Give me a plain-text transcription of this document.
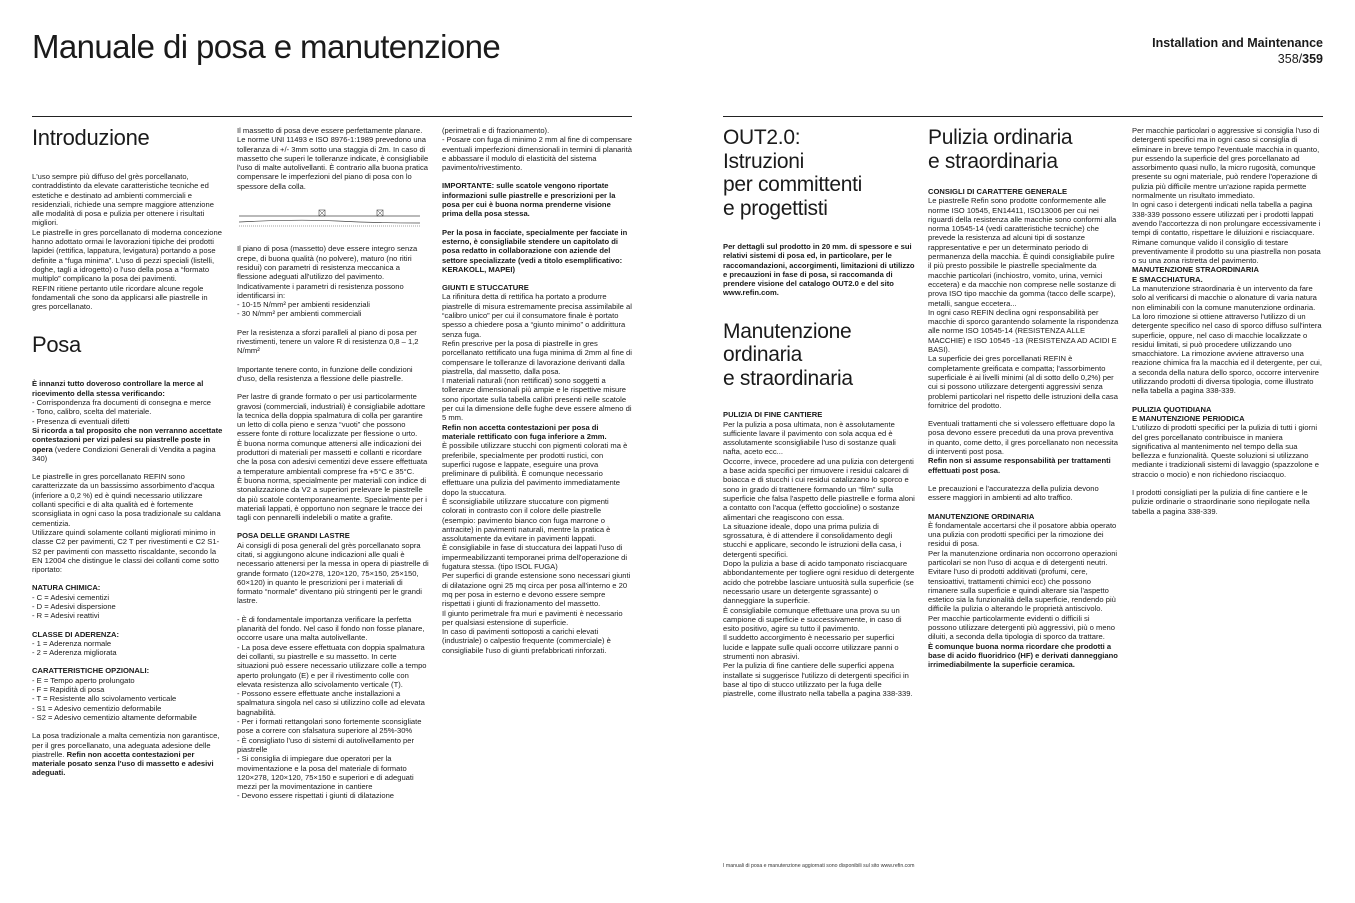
Manuale di posa e manutenzione	Installation and Maintenance
358/359
Introduzione

L'uso sempre più diffuso del grès porcellanato, contraddistinto da elevate caratteristiche tecniche ed estetiche e destinato ad ambienti commerciali e residenziali, richiede una sempre maggiore attenzione alle modalità di posa e pulizia per ottenere i risultati migliori.
Le piastrelle in gres porcellanato di moderna concezione hanno adottato ormai le lavorazioni tipiche dei prodotti lapidei (rettifica, lappatura, levigatura) portando a pose definite a “fuga minima”. L'uso di pezzi speciali (listelli, doghe, tagli a idrogetto) o l'uso della posa a “formato multiplo” complicano la posa dei pavimenti.
REFIN ritiene pertanto utile ricordare alcune regole fondamentali che sono da applicarsi alle piastrelle in gres porcellanato.

Posa

È innanzi tutto doveroso controllare la merce al ricevimento della stessa verificando:

- Corrispondenza fra documenti di consegna e merce
- Tono, calibro, scelta del materiale.
- Presenza di eventuali difetti

Si ricorda a tal proposito che non verranno accettate contestazioni per vizi palesi su piastrelle poste in opera (vedere Condizioni Generali di Vendita a pagina 340)

Le piastrelle in gres porcellanato REFIN sono caratterizzate da un bassissimo assorbimento d'acqua (inferiore a 0,2 %) ed è quindi necessario utilizzare collanti specifici e di alta qualità ed è fortemente sconsigliata in ogni caso la posa tradizionale su caldana cementizia.
Utilizzare quindi solamente collanti migliorati minimo in classe C2 per pavimenti, C2 T per rivestimenti e C2 S1-S2 per pavimenti con massetto riscaldante, secondo la EN 12004 che distingue le classi dei collanti come sotto riportato:

NATURA CHIMICA:

- C = Adesivi cementizi
- D = Adesivi dispersione
- R = Adesivi reattivi

CLASSE DI ADERENZA:

- 1 = Aderenza normale
- 2 = Aderenza migliorata

CARATTERISTICHE OPZIONALI:

- E = Tempo aperto prolungato
- F = Rapidità di posa
- T = Resistente allo scivolamento verticale
- S1 = Adesivo cementizio deformabile
- S2 = Adesivo cementizio altamente deformabile

La posa tradizionale a malta cementizia non garantisce, per il gres porcellanato, una adeguata adesione delle piastrelle. Refin non accetta contestazioni per materiale posato senza l'uso di massetto e adesivi adeguati.

Il massetto di posa deve essere perfettamente planare. Le norme UNI 11493 e ISO 8976-1:1989 prevedono una tolleranza di +/- 3mm sotto una staggia di 2m. In caso di massetto che superi le tolleranze indicate, è consigliabile l'uso di malte autolivellanti. È contrario alla buona pratica compensare le imperfezioni del piano di posa con lo spessore della colla.

Il piano di posa (massetto) deve essere integro senza crepe, di buona qualità (no polvere), maturo (no ritiri residui) con parametri di resistenza meccanica a flessione adeguati all'utilizzo del pavimento. Indicativamente i parametri di resistenza possono identificarsi in:
- 10-15 N/mm² per ambienti residenziali
- 30 N/mm² per ambienti commerciali

Per la resistenza a sforzi paralleli al piano di posa per rivestimenti, tenere un valore R di resistenza 0,8 – 1,2 N/mm²

Importante tenere conto, in funzione delle condizioni d'uso, della resistenza a flessione delle piastrelle.

Per lastre di grande formato o per usi particolarmente gravosi (commerciali, industriali) è consigliabile adottare la tecnica della doppia spalmatura di colla per garantire un letto di colla pieno e senza “vuoti” che possono essere fonte di rotture localizzate per flessione o urto.
È buona norma comunque attenersi alle indicazioni dei produttori di materiali per massetti e collanti e ricordare che la posa con adesivi cementizi deve essere effettuata a temperature ambientali comprese fra +5°C e 35°C.
È buona norma, specialmente per materiali con indice di stonalizzazione da V2 a superiori prelevare le piastrelle da più scatole contemporaneamente. Specialmente per i materiali lappati, è opportuno non segnare le tracce dei tagli con pennarelli indelebili o matite a grafite.

POSA DELLE GRANDI LASTRE

Ai consigli di posa generali del grès porcellanato sopra citati, si aggiungono alcune indicazioni alle quali è necessario attenersi per la messa in opera di piastrelle di grande formato (120×278, 120×120, 75×150, 25×150, 60×120) in quanto le prescrizioni per i materiali di formato “normale” diventano più stringenti per le grandi lastre.

- È di fondamentale importanza verificare la perfetta planarità del fondo. Nel caso il fondo non fosse planare, occorre usare una malta autolivellante.
- La posa deve essere effettuata con doppia spalmatura dei collanti, su piastrelle e su massetto. In certe situazioni può essere necessario utilizzare colle a tempo aperto prolungato (E) e per il rivestimento colle con elevata resistenza allo scivolamento verticale (T).
- Possono essere effettuate anche installazioni a spalmatura singola nel caso si utilizzino colle ad elevata bagnabilità.
- Per i formati rettangolari sono fortemente sconsigliate pose a correre con sfalsatura superiore al 25%-30%
- È consigliato l'uso di sistemi di autolivellamento per piastrelle
- Si consiglia di impiegare due operatori per la movimentazione e la posa del materiale di formato 120×278, 120×120, 75×150 e superiori e di adeguati mezzi per la movimentazione in cantiere
- Devono essere rispettati i giunti di dilatazione

(perimetrali e di frazionamento).
- Posare con fuga di minimo 2 mm al fine di compensare eventuali imperfezioni dimensionali in termini di planarità e abbassare il modulo di elasticità del sistema pavimento/rivestimento.

IMPORTANTE: sulle scatole vengono riportate informazioni sulle piastrelle e prescrizioni per la posa per cui è buona norma prenderne visione prima della posa stessa.

Per la posa in facciate, specialmente per facciate in esterno, è consigliabile stendere un capitolato di posa redatto in collaborazione con aziende del settore specializzate (vedi a titolo esemplificativo: KERAKOLL, MAPEI)

GIUNTI E STUCCATURE

La rifinitura detta di rettifica ha portato a produrre piastrelle di misura estremamente precisa assimilabile al “calibro unico” per cui il consumatore finale è portato spesso a chiedere posa a “giunto minimo” o addirittura senza fuga.
Refin prescrive per la posa di piastrelle in gres porcellanato rettificato una fuga minima di 2mm al fine di compensare le tolleranze di lavorazione derivanti dalla piastrella, dal massetto, dalla posa.
I materiali naturali (non rettificati) sono soggetti a tolleranze dimensionali più ampie e le rispettive misure sono riportate sulla tabella calibri presenti nelle scatole per cui la dimensione delle fughe deve essere almeno di 5 mm.

Refin non accetta contestazioni per posa di materiale rettificato con fuga inferiore a 2mm.

È possibile utilizzare stucchi con pigmenti colorati ma è preferibile, specialmente per prodotti rustici, con superfici rugose e lappate, eseguire una prova preliminare di pulibilità. È comunque necessario effettuare una pulizia del pavimento immediatamente dopo la stuccatura.
È sconsigliabile utilizzare stuccature con pigmenti colorati in contrasto con il colore delle piastrelle (esempio: pavimento bianco con fuga marrone o antracite) in pavimenti naturali, mentre la pratica è assolutamente da evitare in pavimenti lappati.
È consigliabile in fase di stuccatura dei lappati l'uso di impermeabilizzanti temporanei prima dell'operazione di fugatura stessa. (tipo ISOL FUGA)
Per superfici di grande estensione sono necessari giunti di dilatazione ogni 25 mq circa per posa all'interno e 20 mq per posa in esterno e devono essere sempre rispettati i giunti di frazionamento del massetto.
Il giunto perimetrale fra muri e pavimenti è necessario per qualsiasi estensione di superficie.
In caso di pavimenti sottoposti a carichi elevati (industriale) o calpestio frequente (commerciale) è consigliabile l'uso di giunti prefabbricati rinforzati.

OUT2.0:
Istruzioni
per committenti
e progettisti

Per dettagli sul prodotto in 20 mm. di spessore e sui relativi sistemi di posa ed, in particolare, per le raccomandazioni, accorgimenti, limitazioni di utilizzo e precauzioni in fase di posa, si raccomanda di prendere visione del catalogo OUT2.0 e del sito www.refin.com.

Manutenzione
ordinaria
e straordinaria

PULIZIA DI FINE CANTIERE

Per la pulizia a posa ultimata, non è assolutamente sufficiente lavare il pavimento con sola acqua ed è assolutamente sconsigliabile l'uso di sostanze quali nafta, aceto ecc...
Occorre, invece, procedere ad una pulizia con detergenti a base acida specifici per rimuovere i residui calcarei di boiacca e di stucchi i cui residui catalizzano lo sporco e sono in grado di trattenere formando un “film” sulla superficie che falsa l'aspetto delle piastrelle e forma aloni a contatto con l'acqua (effetto goccioline) o sostanze alimentari che reagiscono con essa.
La situazione ideale, dopo una prima pulizia di sgrossatura, è di attendere il consolidamento degli stucchi e applicare, secondo le istruzioni della casa, i detergenti specifici.
Dopo la pulizia a base di acido tamponato risciacquare abbondantemente per togliere ogni residuo di detergente acido che potrebbe lasciare untuosità sulla superficie (se necessario usare un detergente sgrassante) o danneggiare la superficie.
È consigliabile comunque effettuare una prova su un campione di superficie e successivamente, in caso di esito positivo, agire su tutto il pavimento.
Il suddetto accorgimento è necessario per superfici lucide e lappate sulle quali occorre utilizzare panni o strumenti non abrasivi.
Per la pulizia di fine cantiere delle superfici appena installate si suggerisce l'utilizzo di detergenti specifici in base al tipo di stucco utilizzato per la fuga delle piastrelle, come illustrato nella tabella a pagina 338-339.

I manuali di posa e manutenzione aggiornati sono disponibili sul sito www.refin.com
Pulizia ordinaria
e straordinaria

CONSIGLI DI CARATTERE GENERALE

Le piastrelle Refin sono prodotte conformemente alle norme ISO 10545, EN14411, ISO13006 per cui nei riguardi della resistenza alle macchie sono conformi alla norma 10545-14 (vedi caratteristiche tecniche) che prevede la resistenza ad alcuni tipi di sostanze rappresentative e per un determinato periodo di permanenza della macchia. È quindi consigliabile pulire il più presto possibile le piastrelle specialmente da macchie particolari (inchiostro, vomito, urina, vernici eccetera) e da macchie non comprese nelle sostanze di prova ISO tipo macchie da gomma (tacco delle scarpe), metalli, sangue eccetera...
In ogni caso REFIN declina ogni responsabilità per macchie di sporco garantendo solamente la rispondenza alle norme ISO 10545-14 (RESISTENZA ALLE MACCHIE) e ISO 10545 -13 (RESISTENZA AD ACIDI E BASI).
La superficie dei gres porcellanati REFIN è completamente greificata e compatta; l'assorbimento superficiale è ai livelli minimi (al di sotto dello 0,2%) per cui si possono utilizzare detergenti aggressivi senza problemi particolari nel rispetto delle istruzioni della casa fornitrice del prodotto.

Eventuali trattamenti che si volessero effettuare dopo la posa devono essere preceduti da una prova preventiva in quanto, come detto, il gres porcellanato non necessita di interventi post posa.

Refin non si assume responsabilità per trattamenti effettuati post posa.

Le precauzioni e l'accuratezza della pulizia devono essere maggiori in ambienti ad alto traffico.

MANUTENZIONE ORDINARIA

È fondamentale accertarsi che il posatore abbia operato una pulizia con prodotti specifici per la rimozione dei residui di posa.
Per la manutenzione ordinaria non occorrono operazioni particolari se non l'uso di acqua e di detergenti neutri. Evitare l'uso di prodotti additivati (profumi, cere, tensioattivi, trattamenti chimici ecc) che possono rimanere sulla superficie e quindi alterare sia l'aspetto estetico sia la funzionalità della superficie, rendendo più difficile la pulizia o alterando le proprietà antiscivolo.
Per macchie particolarmente evidenti o difficili si possono utilizzare detergenti più aggressivi, più o meno diluiti, a seconda della tipologia di sporco da trattare.

È comunque buona norma ricordare che prodotti a base di acido fluoridrico (HF) e derivati danneggiano irrimediabilmente la superficie ceramica.

Per macchie particolari o aggressive si consiglia l'uso di detergenti specifici ma in ogni caso si consiglia di eliminare in breve tempo l'eventuale macchia in quanto, pur essendo la superficie del gres porcellanato ad assorbimento quasi nullo, la micro rugosità, comunque presente su ogni materiale, può rendere l'operazione di pulizia più difficile mentre un'azione rapida permette normalmente un risultato immediato.
In ogni caso i detergenti indicati nella tabella a pagina 338-339 possono essere utilizzati per i prodotti lappati avendo l'accortezza di non prolungare eccessivamente i tempi di contatto, rispettare le diluizioni e risciacquare. Rimane comunque valido il consiglio di testare preventivamente il prodotto su una piastrella non posata o su una zona ristretta del pavimento.

MANUTENZIONE STRAORDINARIA
E SMACCHIATURA.

La manutenzione straordinaria è un intervento da fare solo al verificarsi di macchie o alonature di varia natura non eliminabili con la comune manutenzione ordinaria. La loro rimozione si ottiene attraverso l'utilizzo di un detergente specifico nel caso di sporco diffuso sull'intera superficie, oppure, nel caso di macchie localizzate o residui limitati, si può procedere utilizzando uno smacchiatore. La rimozione avviene attraverso una reazione chimica fra la macchia ed il detergente, per cui, a seconda della natura dello sporco, occorre intervenire utilizzando prodotti di diversa tipologia, come illustrato nella tabella a pagina 338-339.

PULIZIA QUOTIDIANA
E MANUTENZIONE PERIODICA

L'utilizzo di prodotti specifici per la pulizia di tutti i giorni del gres porcellanato contribuisce in maniera significativa al mantenimento nel tempo della sua bellezza e funzionalità. Queste soluzioni si utilizzano mediante i tradizionali sistemi di lavaggio (spazzolone e straccio o mocio) e non richiedono risciacquo.

I prodotti consigliati per la pulizia di fine cantiere e le pulizie ordinarie o straordinarie sono riepilogate nella tabella a pagina 338-339.
